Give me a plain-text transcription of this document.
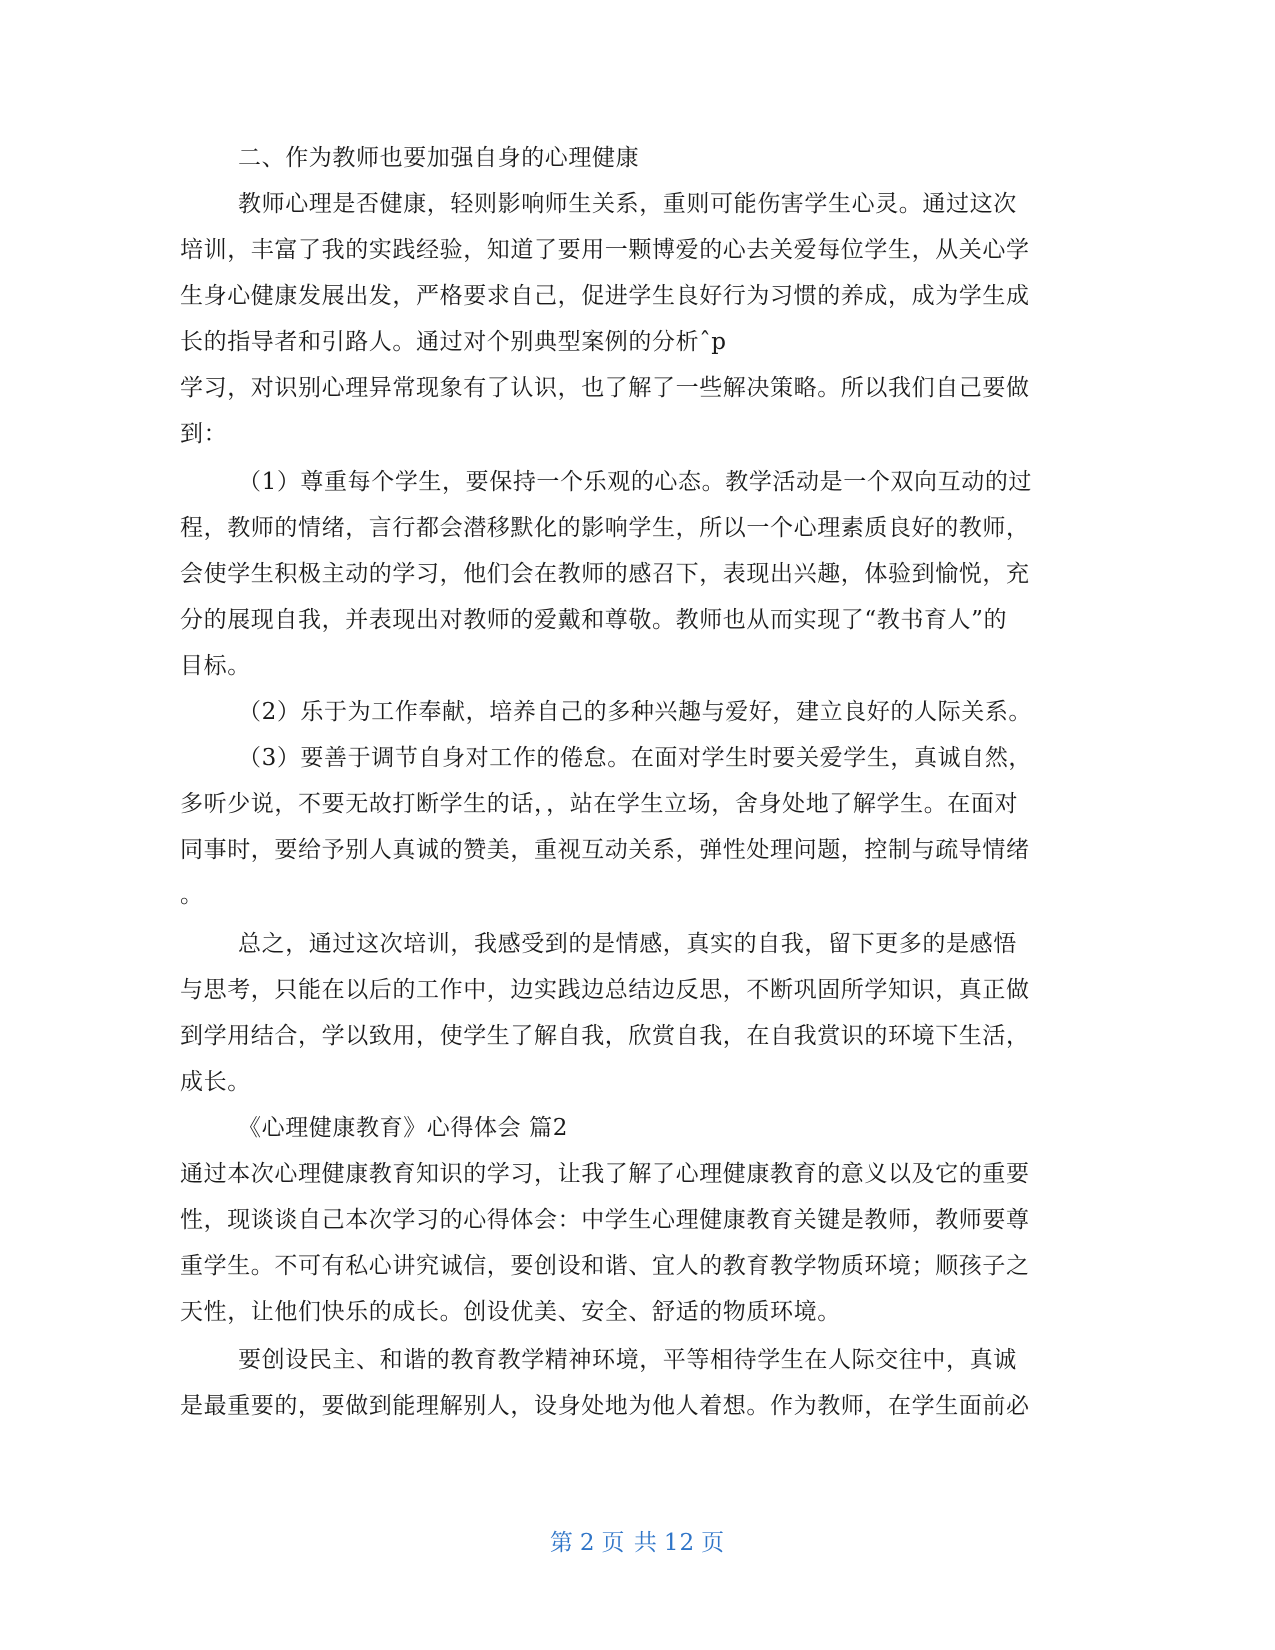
二、作为教师也要加强自身的心理健康

教师心理是否健康，轻则影响师生关系，重则可能伤害学生心灵。通过这次

培训，丰富了我的实践经验，知道了要用一颗博爱的心去关爱每位学生，从关心学

生身心健康发展出发，严格要求自己，促进学生良好行为习惯的养成，成为学生成

长的指导者和引路人。通过对个别典型案例的分析ˆp

学习，对识别心理异常现象有了认识，也了解了一些解决策略。所以我们自己要做

到：

（1）尊重每个学生，要保持一个乐观的心态。教学活动是一个双向互动的过

程，教师的情绪，言行都会潜移默化的影响学生，所以一个心理素质良好的教师，

会使学生积极主动的学习，他们会在教师的感召下，表现出兴趣，体验到愉悦，充

分的展现自我，并表现出对教师的爱戴和尊敬。教师也从而实现了“教书育人”的

目标。

（2）乐于为工作奉献，培养自己的多种兴趣与爱好，建立良好的人际关系。

（3）要善于调节自身对工作的倦怠。在面对学生时要关爱学生，真诚自然，

多听少说，不要无故打断学生的话，，站在学生立场，舍身处地了解学生。在面对

同事时，要给予别人真诚的赞美，重视互动关系，弹性处理问题，控制与疏导情绪

。

总之，通过这次培训，我感受到的是情感，真实的自我，留下更多的是感悟

与思考，只能在以后的工作中，边实践边总结边反思，不断巩固所学知识，真正做

到学用结合，学以致用，使学生了解自我，欣赏自我，在自我赏识的环境下生活，

成长。

《心理健康教育》心得体会 篇2

通过本次心理健康教育知识的学习，让我了解了心理健康教育的意义以及它的重要

性，现谈谈自己本次学习的心得体会：中学生心理健康教育关键是教师，教师要尊

重学生。不可有私心讲究诚信，要创设和谐、宜人的教育教学物质环境；顺孩子之

天性，让他们快乐的成长。创设优美、安全、舒适的物质环境。

要创设民主、和谐的教育教学精神环境，平等相待学生在人际交往中，真诚

是最重要的，要做到能理解别人，设身处地为他人着想。作为教师，在学生面前必

第 2 页 共 12 页
